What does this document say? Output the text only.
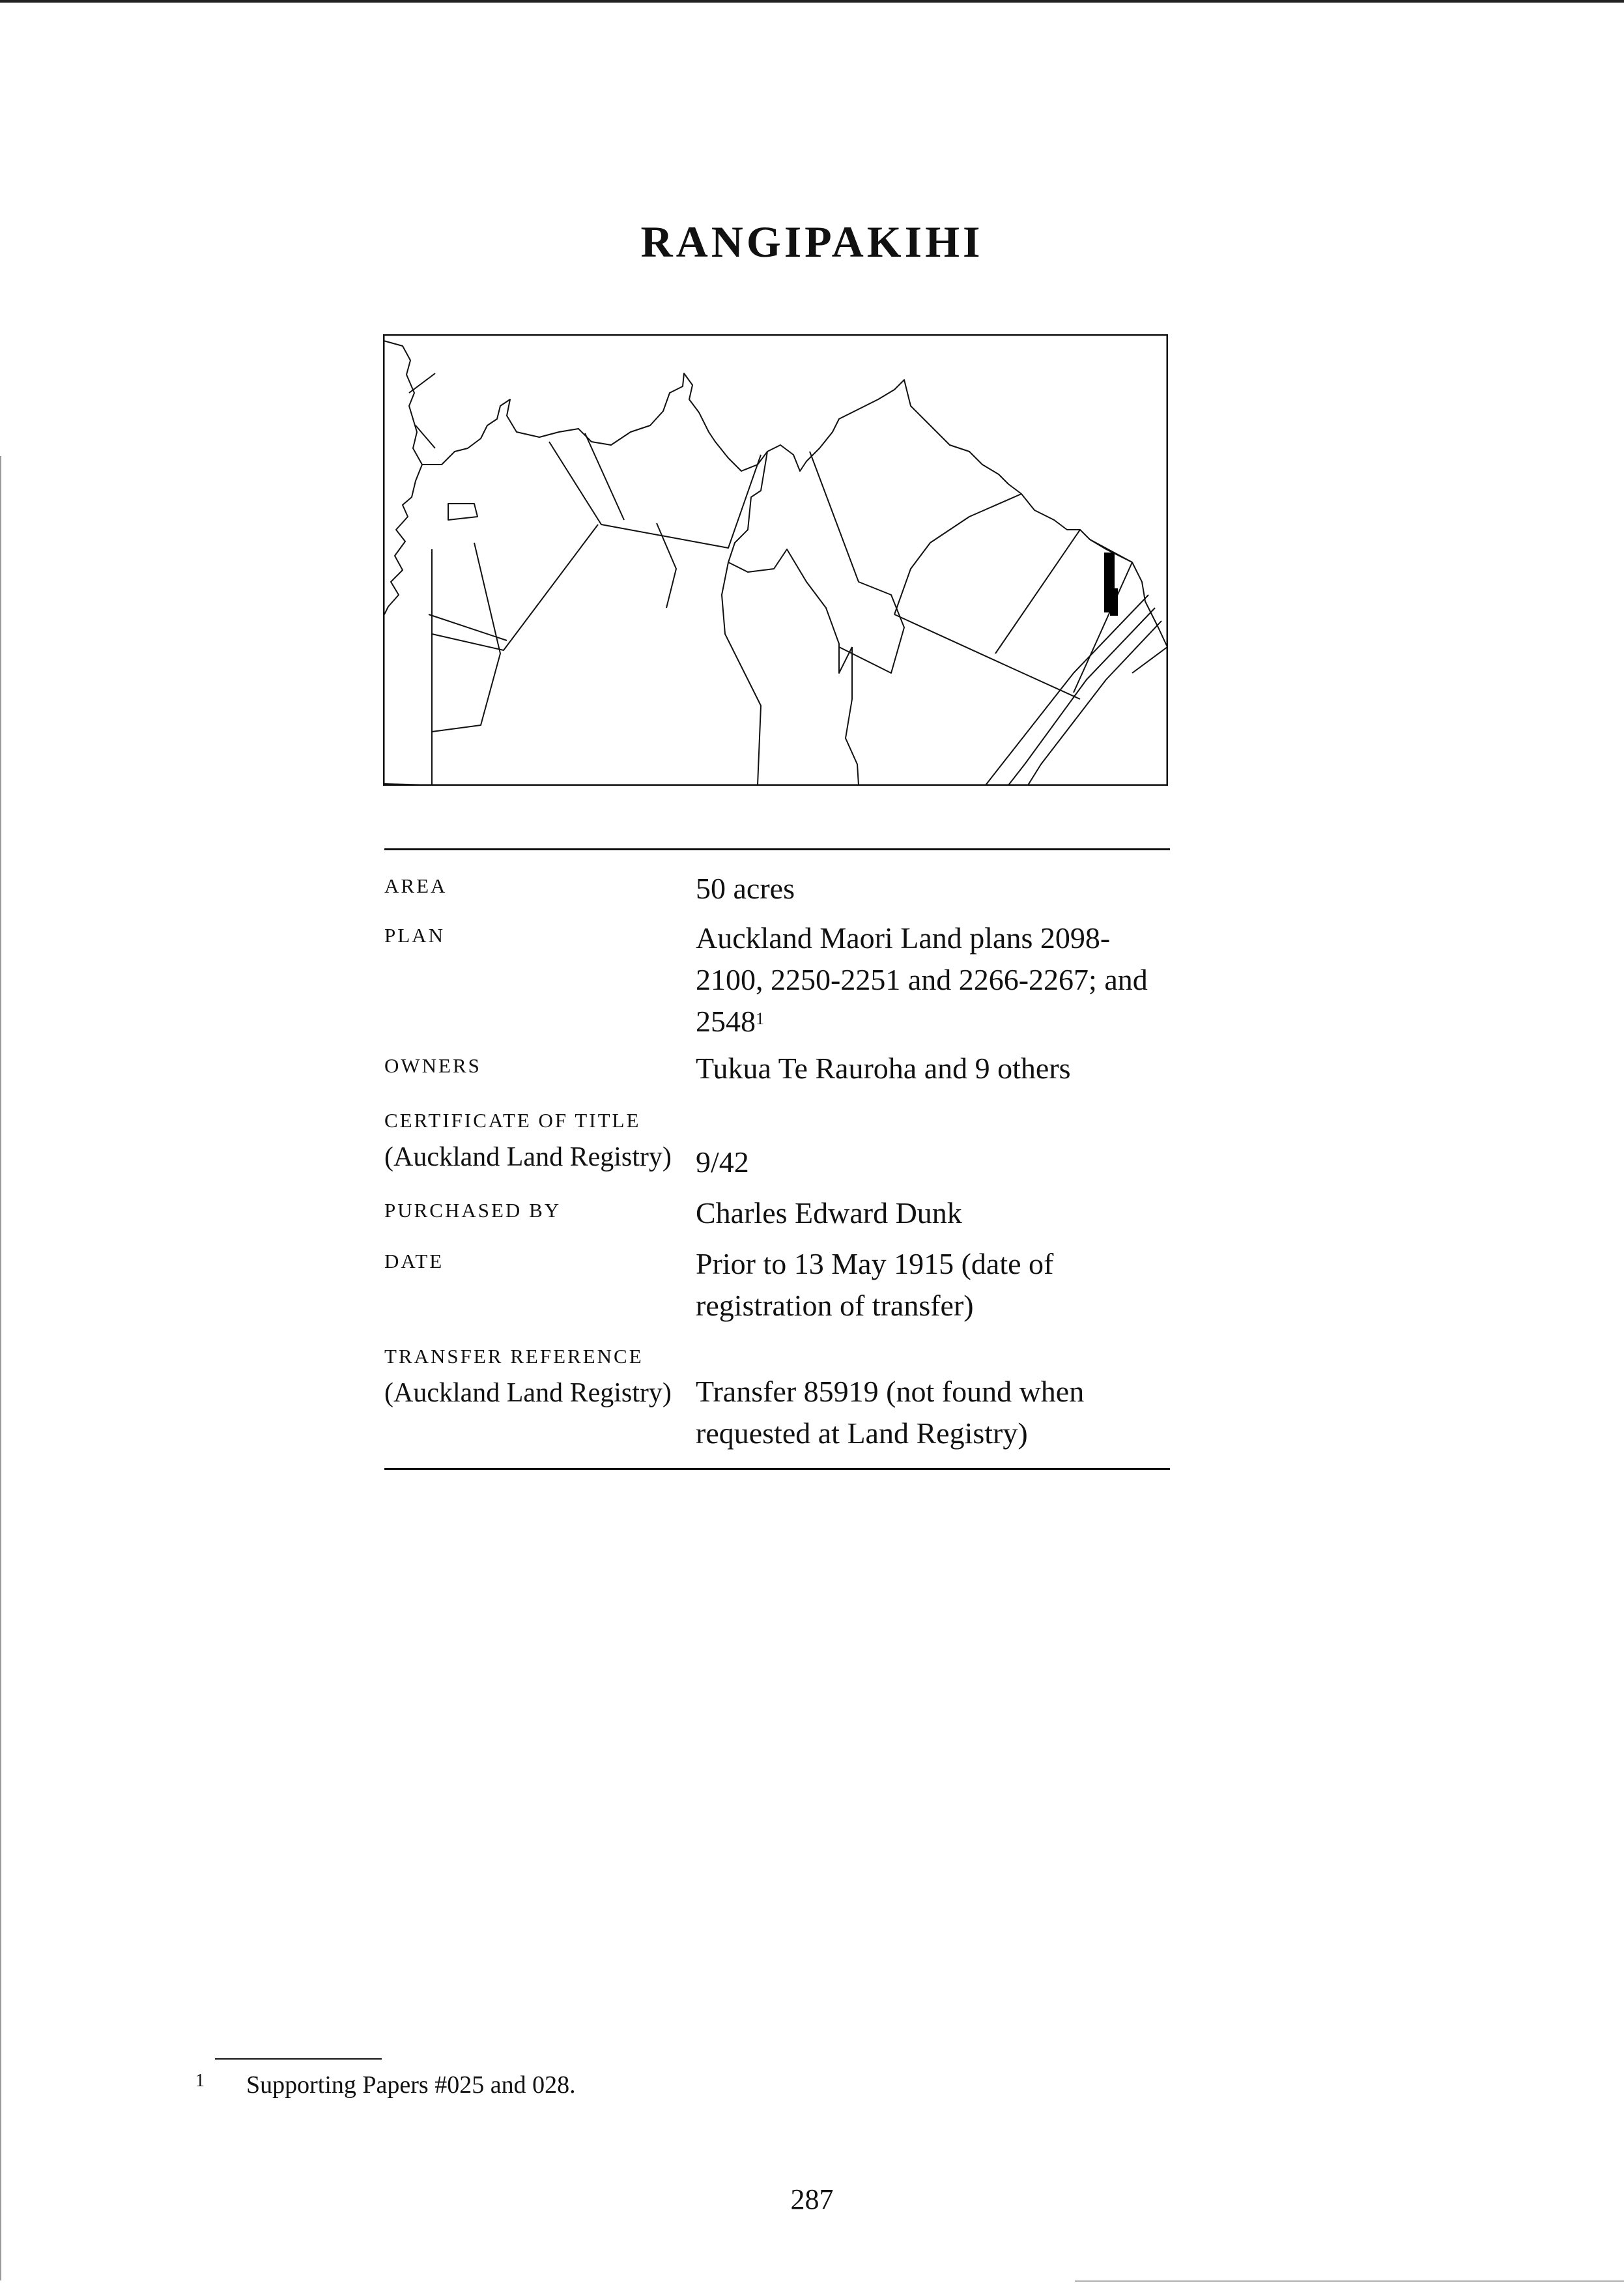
RANGIPAKIHI
AREA	50 acres
PLAN	Auckland Maori Land plans 2098-
2100, 2250-2251 and 2266-2267; and
2548$^1$
OWNERS	Tukua Te Rauroha and 9 others
CERTIFICATE OF TITLE
(Auckland Land Registry) 9/42
PURCHASED BY	Charles Edward Dunk
DATE	Prior to 13 May 1915 (date of
registration of transfer)
TRANSFER REFERENCE
(Auckland Land Registry) Transfer 85919 (not found when
requested at Land Registry)
1 Supporting Papers #025 and 028.
287
